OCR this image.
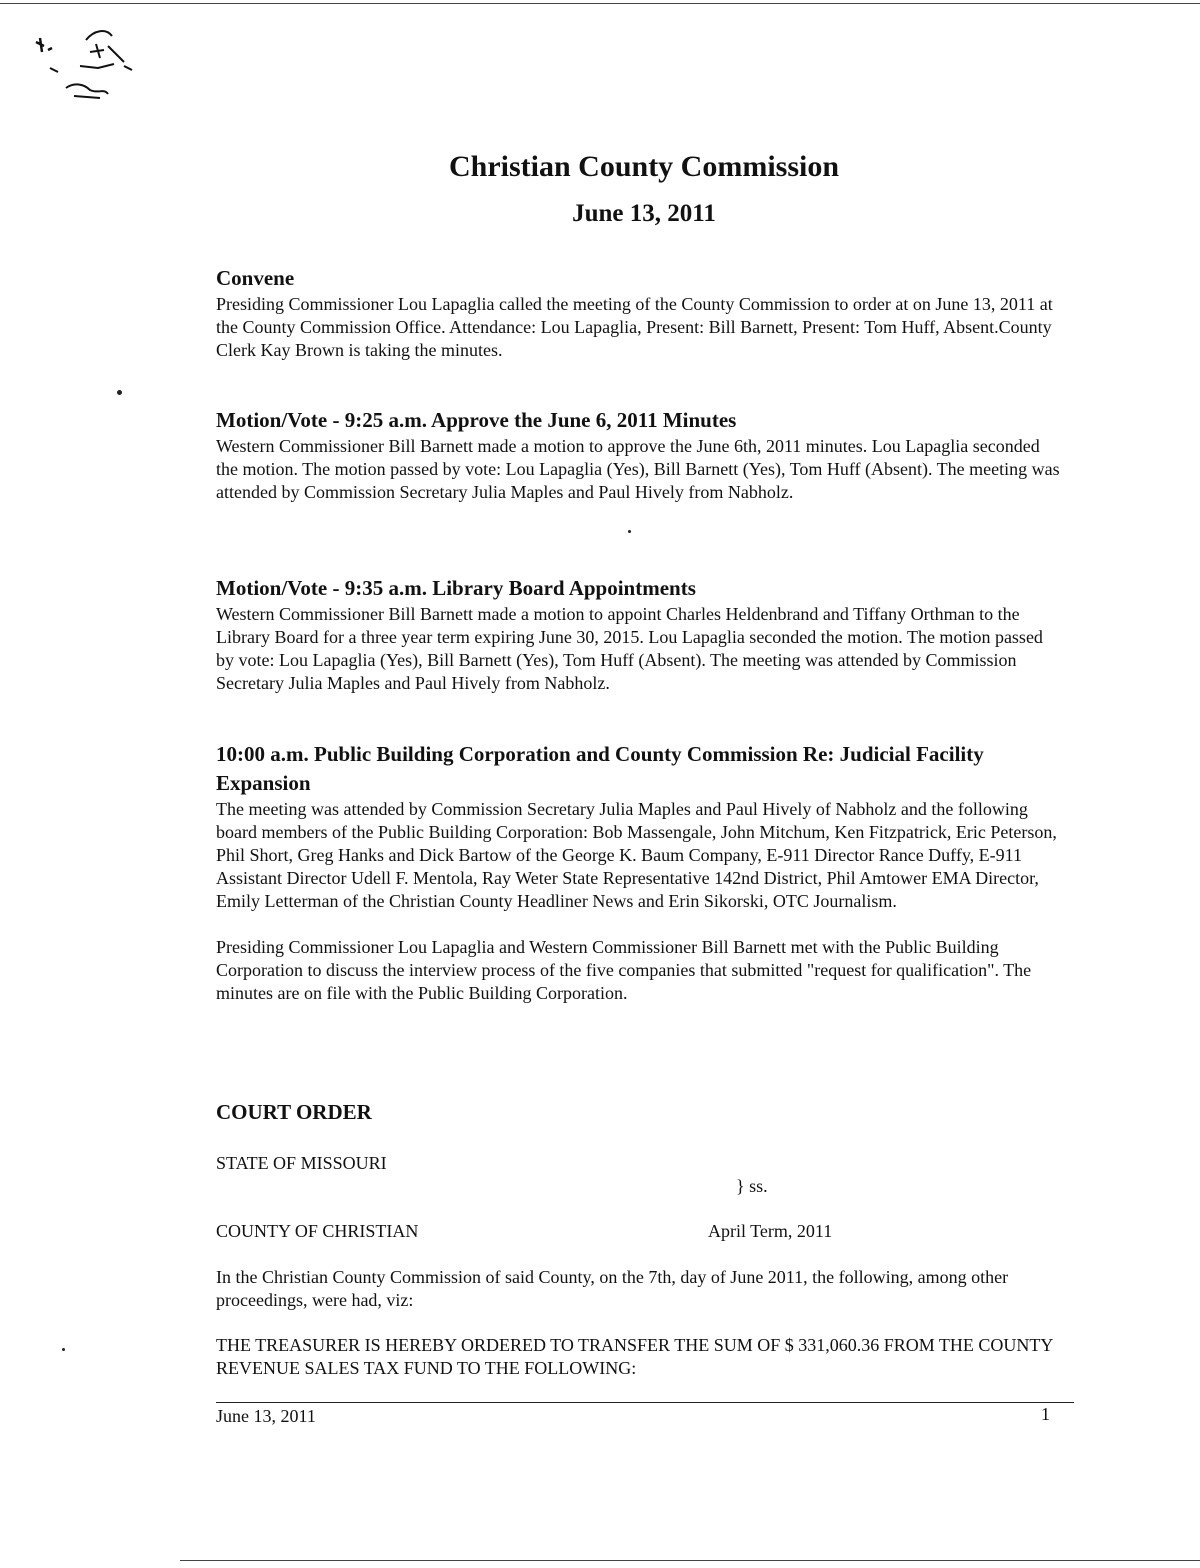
Christian County Commission
June 13, 2011
Convene

Presiding Commissioner Lou Lapaglia called the meeting of the County Commission to order at on June 13, 2011 at the County Commission Office. Attendance: Lou Lapaglia, Present: Bill Barnett, Present: Tom Huff, Absent.County Clerk Kay Brown is taking the minutes.

Motion/Vote - 9:25 a.m. Approve the June 6, 2011 Minutes

Western Commissioner Bill Barnett made a motion to approve the June 6th, 2011 minutes. Lou Lapaglia seconded the motion. The motion passed by vote: Lou Lapaglia (Yes), Bill Barnett (Yes), Tom Huff (Absent). The meeting was attended by Commission Secretary Julia Maples and Paul Hively from Nabholz.

Motion/Vote - 9:35 a.m. Library Board Appointments

Western Commissioner Bill Barnett made a motion to appoint Charles Heldenbrand and Tiffany Orthman to the Library Board for a three year term expiring June 30, 2015. Lou Lapaglia seconded the motion. The motion passed by vote: Lou Lapaglia (Yes), Bill Barnett (Yes), Tom Huff (Absent). The meeting was attended by Commission Secretary Julia Maples and Paul Hively from Nabholz.

10:00 a.m. Public Building Corporation and County Commission Re: Judicial Facility Expansion

The meeting was attended by Commission Secretary Julia Maples and Paul Hively of Nabholz and the following board members of the Public Building Corporation: Bob Massengale, John Mitchum, Ken Fitzpatrick, Eric Peterson, Phil Short, Greg Hanks and Dick Bartow of the George K. Baum Company, E-911 Director Rance Duffy, E-911 Assistant Director Udell F. Mentola, Ray Weter State Representative 142nd District, Phil Amtower EMA Director, Emily Letterman of the Christian County Headliner News and Erin Sikorski, OTC Journalism.

Presiding Commissioner Lou Lapaglia and Western Commissioner Bill Barnett met with the Public Building Corporation to discuss the interview process of the five companies that submitted "request for qualification". The minutes are on file with the Public Building Corporation.

COURT ORDER
STATE OF MISSOURI
} ss.
COUNTY OF CHRISTIAN	April Term, 2011
In the Christian County Commission of said County, on the 7th, day of June 2011, the following, among other proceedings, were had, viz:
THE TREASURER IS HEREBY ORDERED TO TRANSFER THE SUM OF $ 331,060.36 FROM THE COUNTY REVENUE SALES TAX FUND TO THE FOLLOWING:
June 13, 2011	1
